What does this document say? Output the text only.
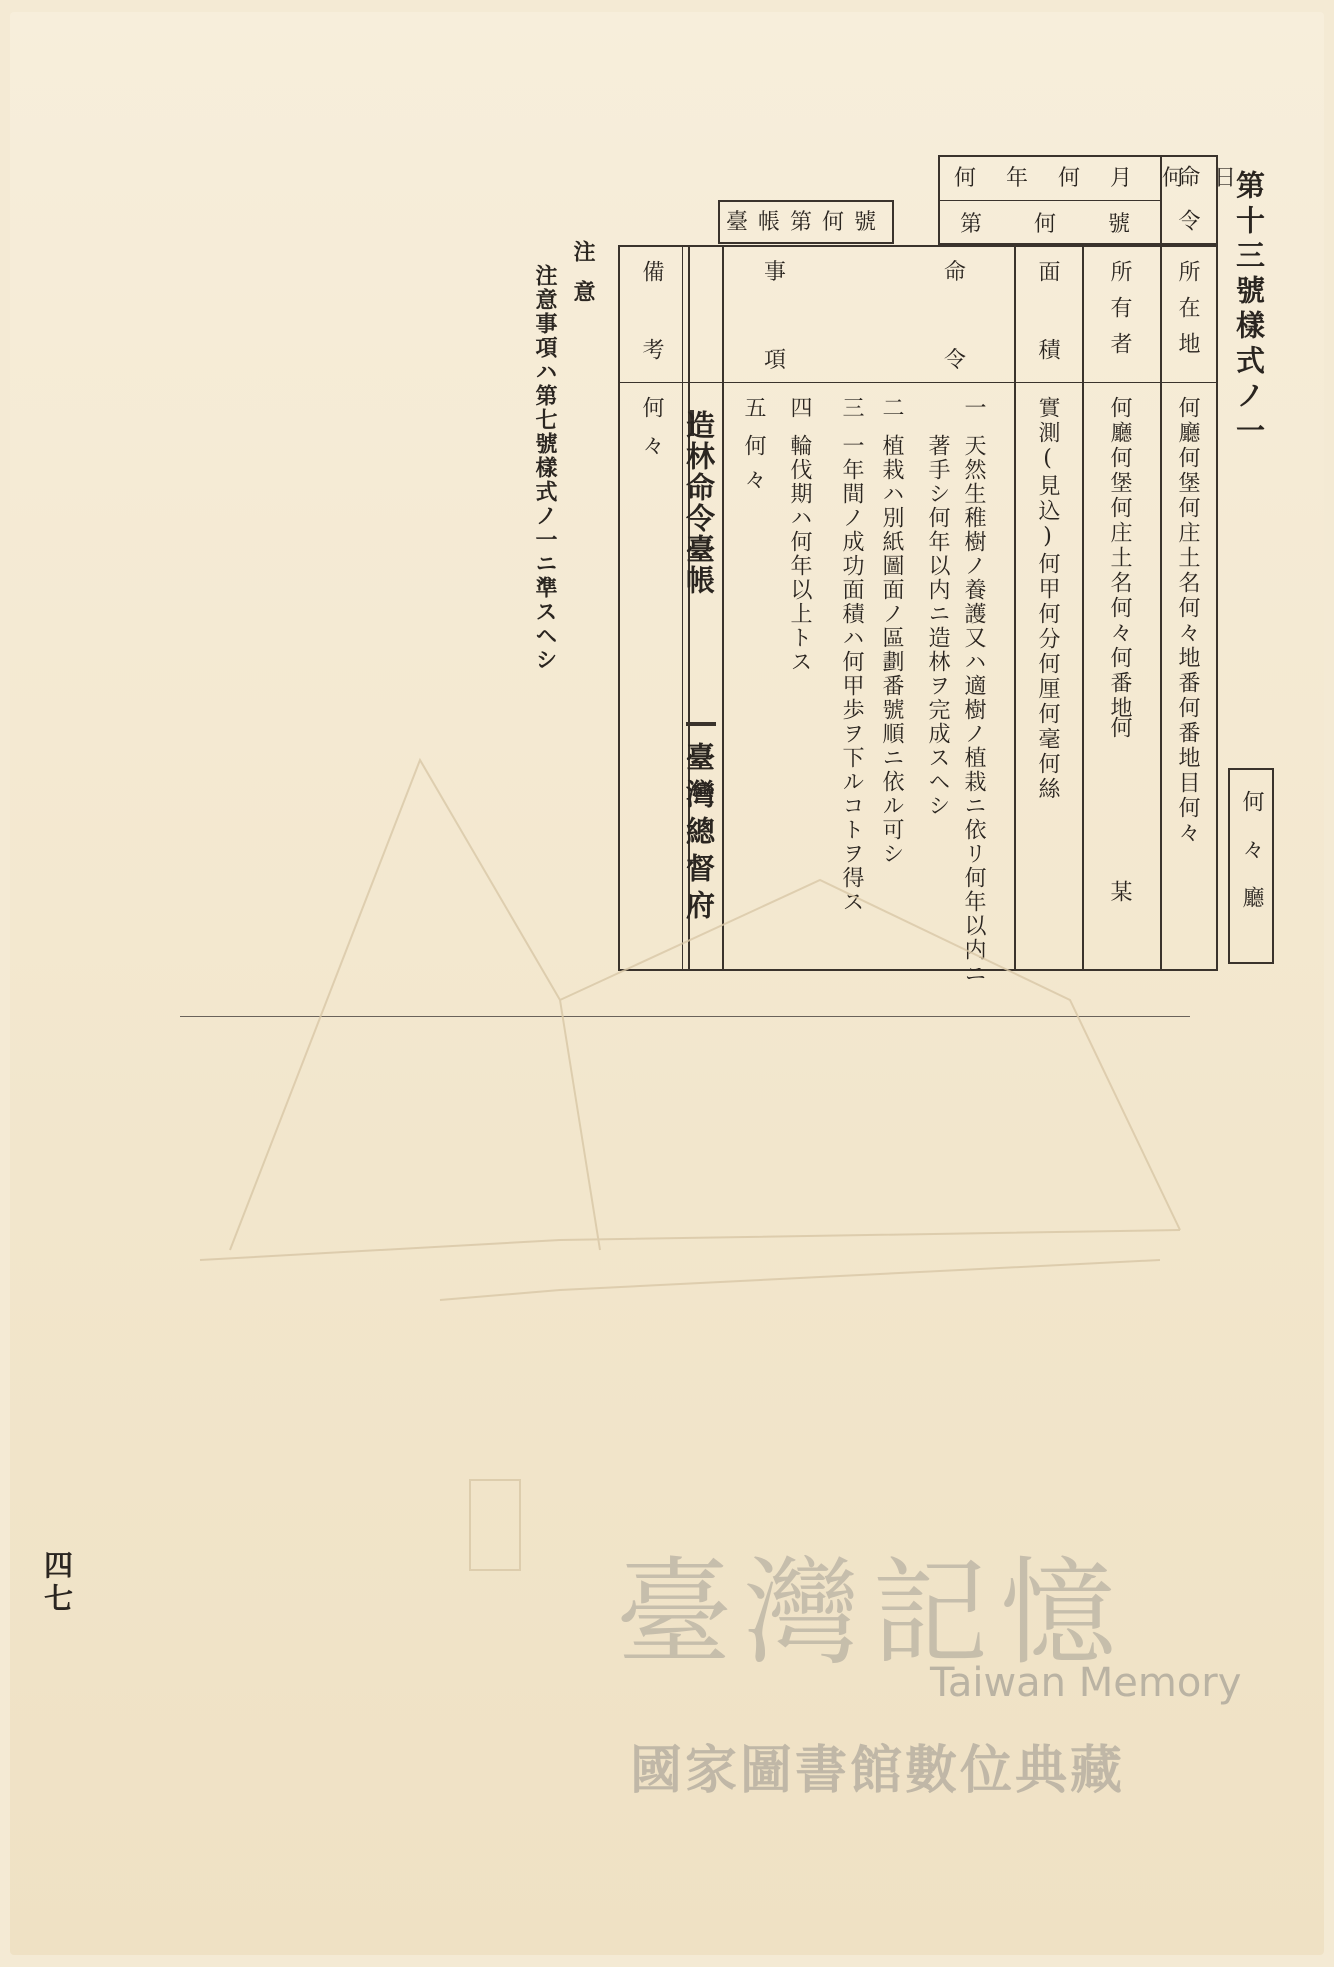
第十三號樣式ノ一
何々廳
命令
何年何月何日
第何號
臺帳第何號
所在地
所有者
面積
命
令
事
項
備考
何廳何堡何庄土名何々地番何番地目何々
何廳何堡何庄土名何々何番地
何　某
實測(見込)何甲何分何厘何毫何絲
何々	一
天然生稚樹ノ養護又ハ適樹ノ植栽ニ依リ何年以内ニ
著手シ何年以内ニ造林ヲ完成スヘシ
二
植栽ハ別紙圖面ノ區劃番號順ニ依ル可シ
三
一年間ノ成功面積ハ何甲歩ヲ下ルコトヲ得ス
四
輪伐期ハ何年以上トス
五
何々
造林命令臺帳
臺灣總督府
注意
注意事項ハ第七號樣式ノ一ニ準スヘシ
四七	臺灣記憶
Taiwan Memory
國家圖書館數位典藏
